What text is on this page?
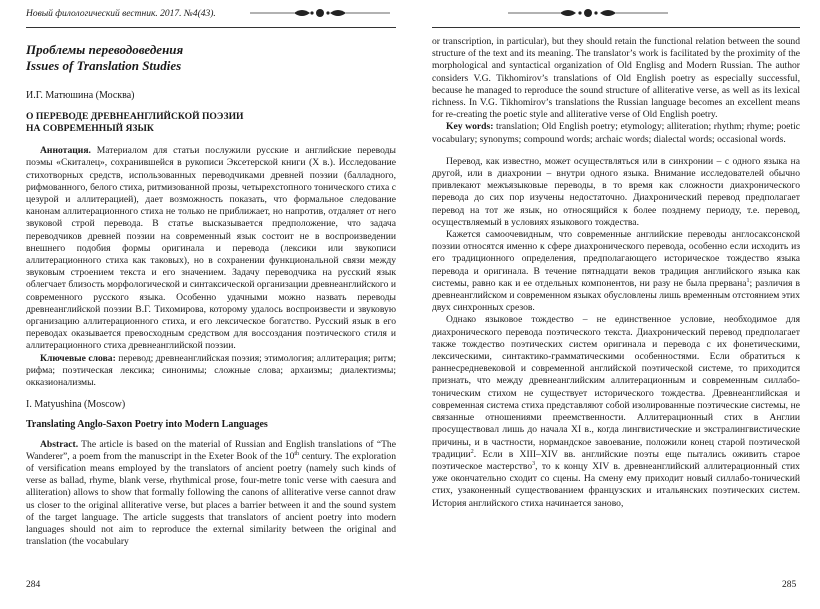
Новый филологический вестник. 2017. №4(43).

Проблемы переводоведения

Issues of Translation Studies

И.Г. Матюшина (Москва)

О ПЕРЕВОДЕ ДРЕВНЕАНГЛИЙСКОЙ ПОЭЗИИ

НА СОВРЕМЕННЫЙ ЯЗЫК

Аннотация. Материалом для статьи послужили русские и английские переводы поэмы «Скиталец», сохранившейся в рукописи Эксетерской книги (Х в.). Исследование стихотворных средств, использованных переводчиками древней поэзии (балладного, рифмованного, белого стиха, ритмизованной прозы, четырехстопного тонического стиха с цезурой и аллитерацией), дает возможность показать, что формальное следование канонам аллитерационного стиха не только не приближает, но напротив, отдаляет от него звуковой строй перевода. В статье высказывается предположение, что задача переводчиков древней поэзии на современный язык состоит не в воспроизведении внешнего подобия формы оригинала и перевода (лексики или звукописи аллитерационного стиха как таковых), но в сохранении функциональной связи между звуковым строением текста и его значением. Задачу переводчика на русский язык облегчает близость морфологической и синтаксической организации древнеанглийского и современного русского языка. Особенно удачными можно назвать переводы древнеанглийской поэзии В.Г. Тихомирова, которому удалось воспроизвести и звуковую организацию аллитерационного стиха, и его лексическое богатство. Русский язык в его переводах оказывается превосходным средством для воссоздания поэтического стиля и аллитерационного стиха древнеанглийской поэзии.

Ключевые слова: перевод; древнеанглийская поэзия; этимология; аллитерация; ритм; рифма; поэтическая лексика; синонимы; сложные слова; архаизмы; диалектизмы; окказионализмы.

I. Matyushina (Moscow)

Translating Anglo-Saxon Poetry into Modern Languages

Abstract. The article is based on the material of Russian and English translations of “The Wanderer”, a poem from the manuscript in the Exeter Book of the 10th century. The exploration of versification means employed by the translators of ancient poetry (namely such kinds of verse as ballad, rhyme, blank verse, rhythmical prose, four-metre tonic verse with caesura and alliteration) allows to show that formally following the canons of alliterative verse cannot draw us closer to the original alliterative verse, but places a barrier between it and the sound system of the target language. The article suggests that translators of ancient poetry into modern languages should not aim to reproduce the external similarity between the original and translation (the vocabulary

or transcription, in particular), but they should retain the functional relation between the sound structure of the text and its meaning. The translator’s work is facilitated by the proximity of the morphological and syntactical organization of Old Englisg and Modern Russian. The author considers V.G. Tikhomirov’s translations of Old English poetry as especially successful, because he managed to reproduce the sound structure of alliterative verse, as well as its lexical richness. In V.G. Tikhomirov’s translations the Russian language becomes an excellent means for re-creating the poetic style and alliterative verse of Old English poetry.

Key words: translation; Old English poetry; etymology; alliteration; rhythm; rhyme; poetic vocabulary; synonyms; compound words; archaic words; dialectal words; occasional words.

Перевод, как известно, может осуществляться или в синхронии – с одного языка на другой, или в диахронии – внутри одного языка. Внимание исследователей обычно привлекают межъязыковые переводы, в то время как сложности диахронического перевода до сих пор изучены недостаточно. Диахронический перевод предполагает перевод на тот же язык, но относящийся к более позднему периоду, т.е. перевод, осуществляемый в условиях языкового тождества.

Кажется самоочевидным, что современные английские переводы англосаксонской поэзии относятся именно к сфере диахронического перевода, особенно если исходить из его традиционного определения, предполагающего историческое тождество языка перевода и оригинала. В течение пятнадцати веков традиция английского языка как системы, равно как и ее отдельных компонентов, ни разу не была прервана$^1$; различия в древнеанглийском и современном языках обусловлены лишь временным отстоянием этих двух синхронных срезов.

Однако языковое тождество – не единственное условие, необходимое для диахронического перевода поэтического текста. Диахронический перевод предполагает также тождество поэтических систем оригинала и перевода с их фонетическими, лексическими, синтактико-грамматическими особенностями. Если обратиться к раннесредневековой и современной английской поэтической системе, то приходится признать, что между древнеанглийским аллитерационным и современным силлабо-тоническим стихом не существует исторического тождества. Древнеанглийская и современная система стиха представляют собой изолированные поэтические системы, не связанные отношениями преемственности. Аллитерационный стих в Англии просуществовал лишь до начала XI в., когда лингвистические и экстралингвистические причины, и в частности, нормандское завоевание, положили конец старой поэтической традиции$^2$. Если в XIII–XIV вв. английские поэты еще пытались оживить старое поэтическое мастерство$^3$, то к концу XIV в. древнеанглийский аллитерационный стих уже окончательно сходит со сцены. На смену ему приходит новый силлабо-тонический стих, узаконенный существованием французских и итальянских поэтических систем. История английского стиха начинается заново,

284	285
